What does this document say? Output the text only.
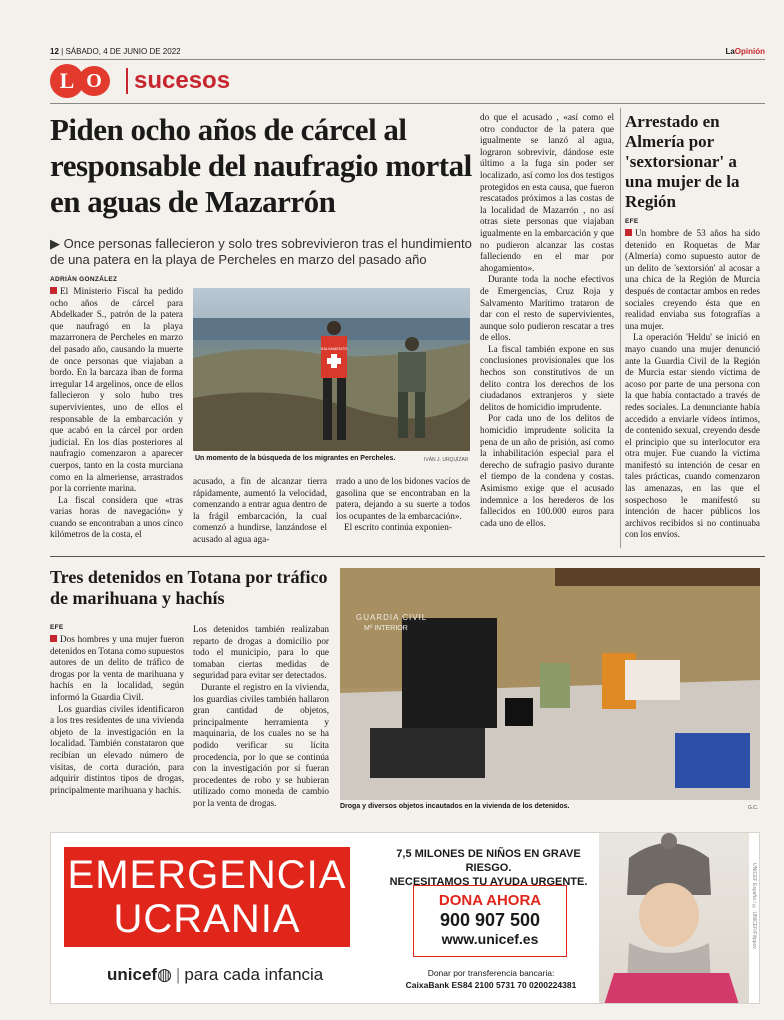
12 | SÁBADO, 4 DE JUNIO DE 2022	LaOpinión
L O	sucesos
Piden ocho años de cárcel al responsable del naufragio mortal en aguas de Mazarrón
▶ Once personas fallecieron y solo tres sobrevivieron tras el hundimiento de una patera en la playa de Percheles en marzo del pasado año
ADRIÁN GONZÁLEZ

El Ministerio Fiscal ha pedido ocho años de cárcel para Abdelkader S., patrón de la patera que naufragó en la playa mazarronera de Percheles en marzo del pasado año, causando la muerte de once personas que viajaban a bordo. En la barcaza iban de forma irregular 14 argelinos, once de ellos fallecieron y solo hubo tres supervivientes, uno de ellos el responsable de la embarcación y que acabó en la cárcel por orden judicial. En los días posteriores al naufragio comenzaron a aparecer cuerpos, tanto en la costa murciana como en la almeriense, arrastrados por la corriente marina.

La fiscal considera que «tras varias horas de navegación» y cuando se encontraban a unos cinco kilómetros de la costa, el

SALVAMENTO
Un momento de la búsqueda de los migrantes en Percheles.	IVÁN J. URQUÍZAR

acusado, a fin de alcanzar tierra rápidamente, aumentó la velocidad, comenzando a entrar agua dentro de la frágil embarcación, la cual comenzó a hundirse, lanzándose el acusado al agua aga-

rrado a uno de los bidones vacíos de gasolina que se encontraban en la patera, dejando a su suerte a todos los ocupantes de la embarcación».

El escrito continúa exponien-

do que el acusado , «así como el otro conductor de la patera que igualmente se lanzó al agua, lograron sobrevivir, dándose este último a la fuga sin poder ser localizado, así como los dos testigos protegidos en esta causa, que fueron rescatados próximos a las costas de la localidad de Mazarrón , no así otras siete personas que viajaban igualmente en la embarcación y que no pudieron alcanzar las costas falleciendo en el mar por ahogamiento».

Durante toda la noche efectivos de Emergencias, Cruz Roja y Salvamento Marítimo trataron de dar con el resto de supervivientes, aunque solo pudieron rescatar a tres de ellos.

La fiscal también expone en sus conclusiones provisionales que los hechos son constitutivos de un delito contra los derechos de los ciudadanos extranjeros y siete delitos de homicidio imprudente.

Por cada uno de los delitos de homicidio imprudente solicita la pena de un año de prisión, así como la inhabilitación especial para el derecho de sufragio pasivo durante el tiempo de la condena y costas. Asimismo exige que el acusado indemnice a los herederos de los fallecidos en 100.000 euros para cada uno de ellos.

Arrestado en Almería por 'sextorsionar' a una mujer de la Región
EFE

Un hombre de 53 años ha sido detenido en Roquetas de Mar (Almería) como supuesto autor de un delito de 'sextorsión' al acosar a una chica de la Región de Murcia después de contactar ambos en redes sociales creyendo ésta que en realidad enviaba sus fotografías a una mujer.

La operación 'Heldu' se inició en mayo cuando una mujer denunció ante la Guardia Civil de la Región de Murcia estar siendo víctima de acoso por parte de una persona con la que había contactado a través de redes sociales. La denunciante había accedido a enviarle vídeos íntimos, de contenido sexual, creyendo desde el principio que su interlocutor era otra mujer. Fue cuando la víctima manifestó su intención de cesar en tales prácticas, cuando comenzaron las amenazas, en las que el sospechoso le manifestó su intención de hacer públicos los archivos recibidos si no continuaba con los envíos.

Tres detenidos en Totana por tráfico de marihuana y hachís
EFE

Dos hombres y una mujer fueron detenidos en Totana como supuestos autores de un delito de tráfico de drogas por la venta de marihuana y hachís en la localidad, según informó la Guardia Civil.

Los guardias civiles identificaron a los tres residentes de una vivienda objeto de la investigación en la localidad. También constataron que recibían un elevado número de visitas, de corta duración, para adquirir distintos tipos de drogas, principalmente marihuana y hachís.

Los detenidos también realizaban reparto de drogas a domicilio por todo el municipio, para lo que tomaban ciertas medidas de seguridad para evitar ser detectados.

Durante el registro en la vivienda, los guardias civiles también hallaron gran cantidad de objetos, principalmente herramienta y maquinaria, de los cuales no se ha podido verificar su lícita procedencia, por lo que se continúa con la investigación por si fueran procedentes de robo y se hubieran utilizado como moneda de cambio por la venta de drogas.

GUARDIA CIVIL
Mº INTERIOR
Droga y diversos objetos incautados en la vivienda de los detenidos.	G.C.
EMERGENCIA
UCRANIA
unicef◍ | para cada infancia
7,5 MILONES DE NIÑOS EN GRAVE RIESGO.
NECESITAMOS TU AYUDA URGENTE.
DONA AHORA
900 907 500
www.unicef.es
Donar por transferencia bancaria:
CaixaBank ES84 2100 5731 70 0200224381
UNICEF España / © UNICEF/Filippov
